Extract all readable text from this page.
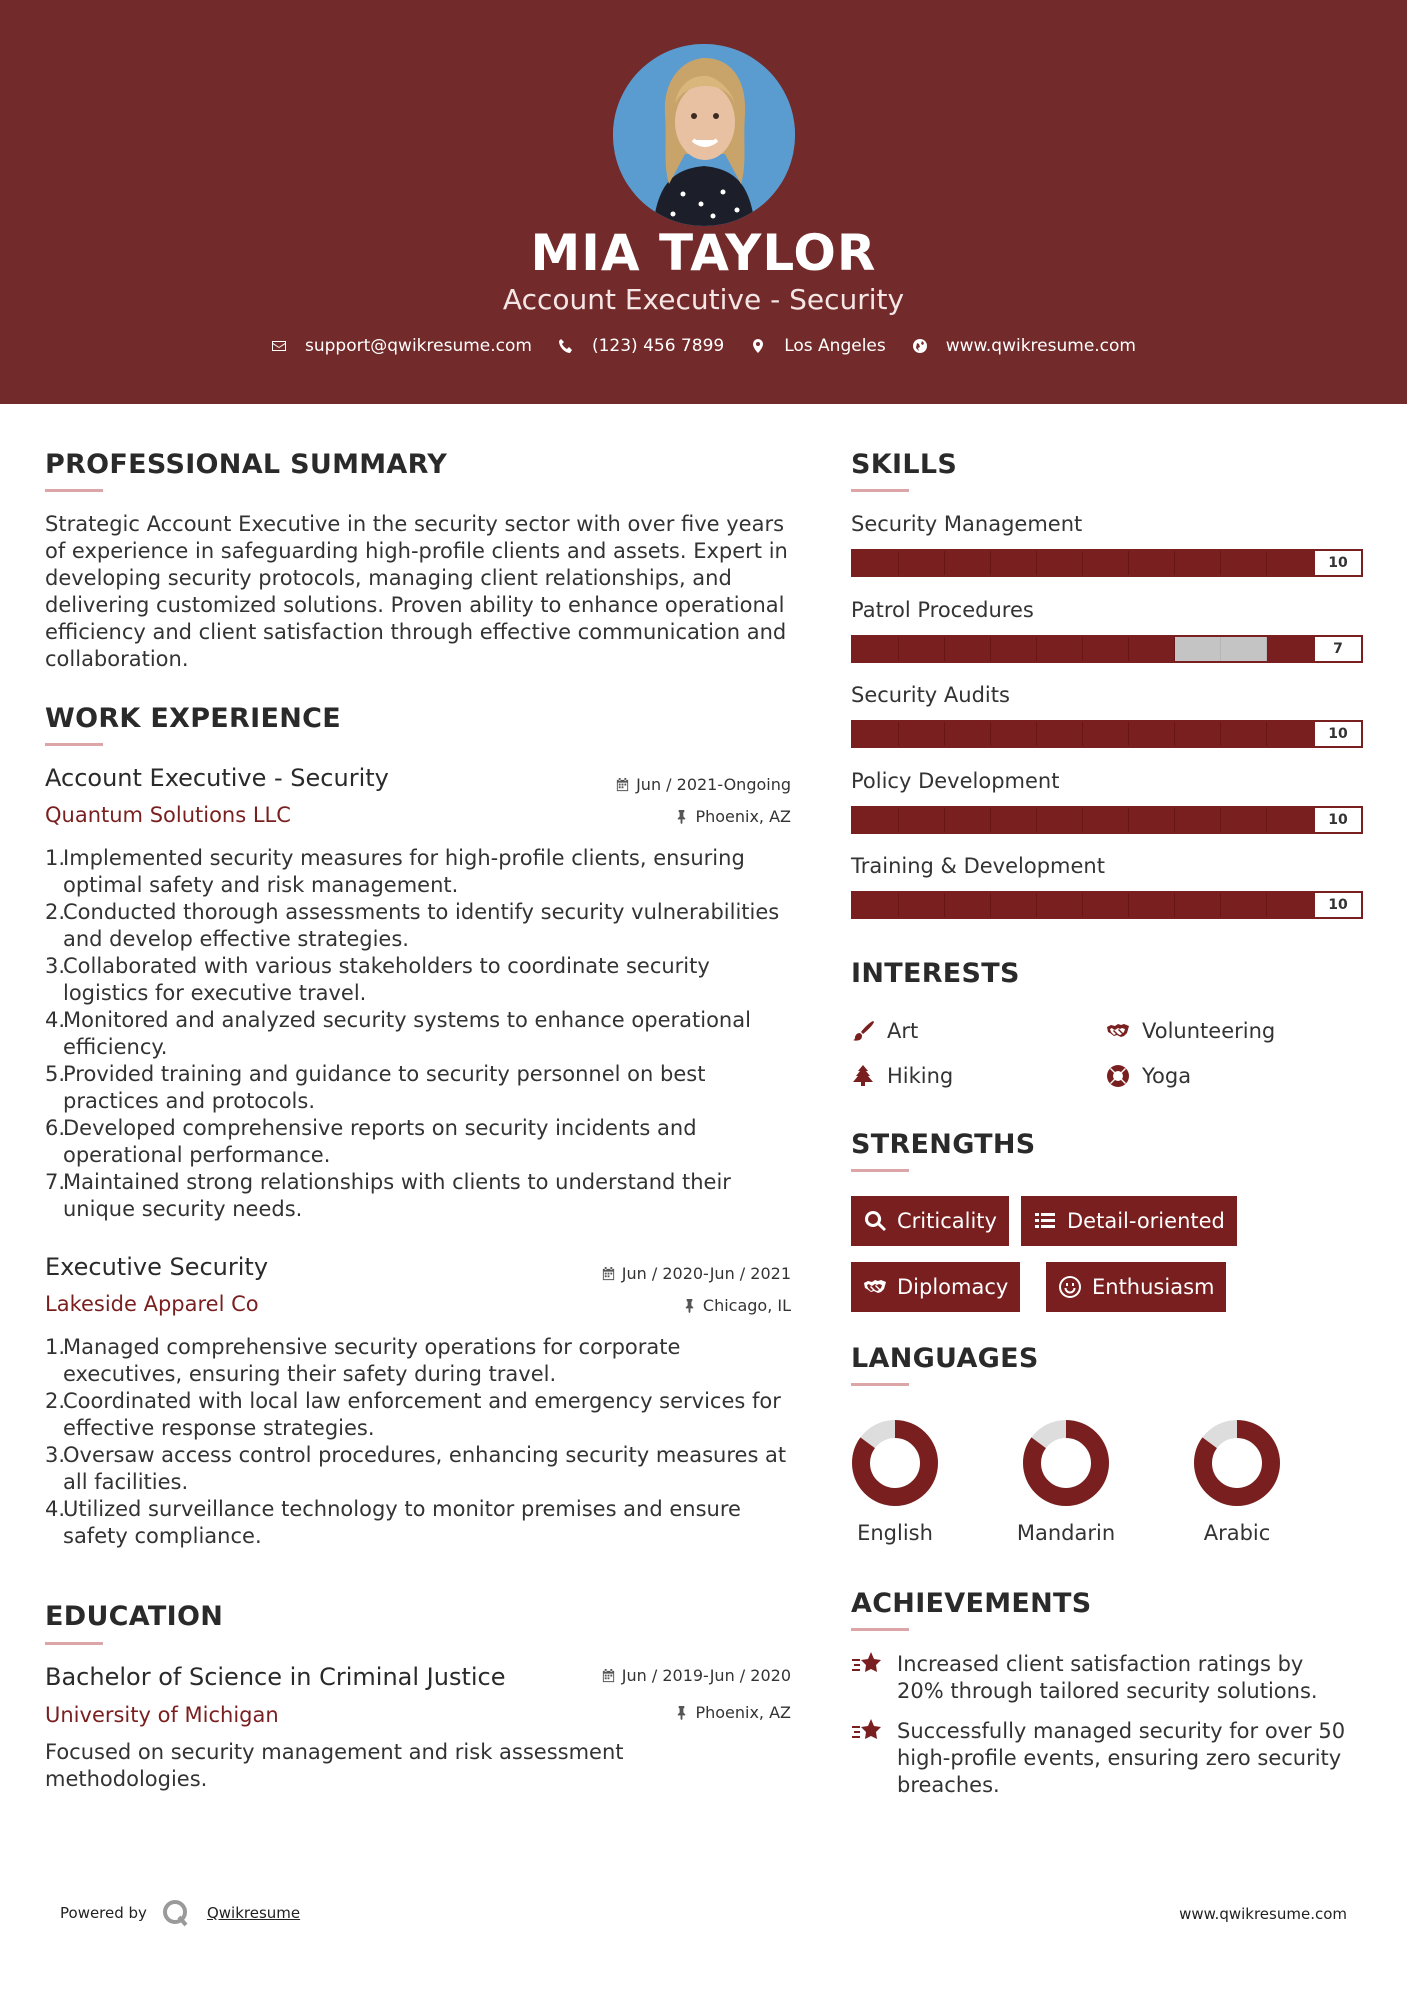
MIA TAYLOR
Account Executive - Security
support@qwikresume.com	(123) 456 7899	Los Angeles	www.qwikresume.com
PROFESSIONAL SUMMARY
Strategic Account Executive in the security sector with over five years of experience in safeguarding high-profile clients and assets. Expert in developing security protocols, managing client relationships, and delivering customized solutions. Proven ability to enhance operational efficiency and client satisfaction through effective communication and collaboration.
WORK EXPERIENCE
Account Executive - Security
Quantum Solutions LLC
Jun / 2021-Ongoing
Phoenix, AZ
1.
Implemented security measures for high-profile clients, ensuring optimal safety and risk management.
2.
Conducted thorough assessments to identify security vulnerabilities and develop effective strategies.
3.
Collaborated with various stakeholders to coordinate security logistics for executive travel.
4.
Monitored and analyzed security systems to enhance operational efficiency.
5.
Provided training and guidance to security personnel on best practices and protocols.
6.
Developed comprehensive reports on security incidents and operational performance.
7.
Maintained strong relationships with clients to understand their unique security needs.
Executive Security
Lakeside Apparel Co
Jun / 2020-Jun / 2021
Chicago, IL
1.
Managed comprehensive security operations for corporate executives, ensuring their safety during travel.
2.
Coordinated with local law enforcement and emergency services for effective response strategies.
3.
Oversaw access control procedures, enhancing security measures at all facilities.
4.
Utilized surveillance technology to monitor premises and ensure safety compliance.
EDUCATION
Bachelor of Science in Criminal Justice
University of Michigan
Jun / 2019-Jun / 2020
Phoenix, AZ
Focused on security management and risk assessment methodologies.
SKILLS
Security Management
10
Patrol Procedures
7
Security Audits
10
Policy Development
10
Training & Development
10
INTERESTS
Art	Volunteering
Hiking	Yoga
STRENGTHS
Criticality	Detail-oriented
Diplomacy	Enthusiasm
LANGUAGES
English	Mandarin	Arabic
ACHIEVEMENTS
Increased client satisfaction ratings by 20% through tailored security solutions.
Successfully managed security for over 50 high-profile events, ensuring zero security breaches.
Powered by	Qwikresume	www.qwikresume.com
